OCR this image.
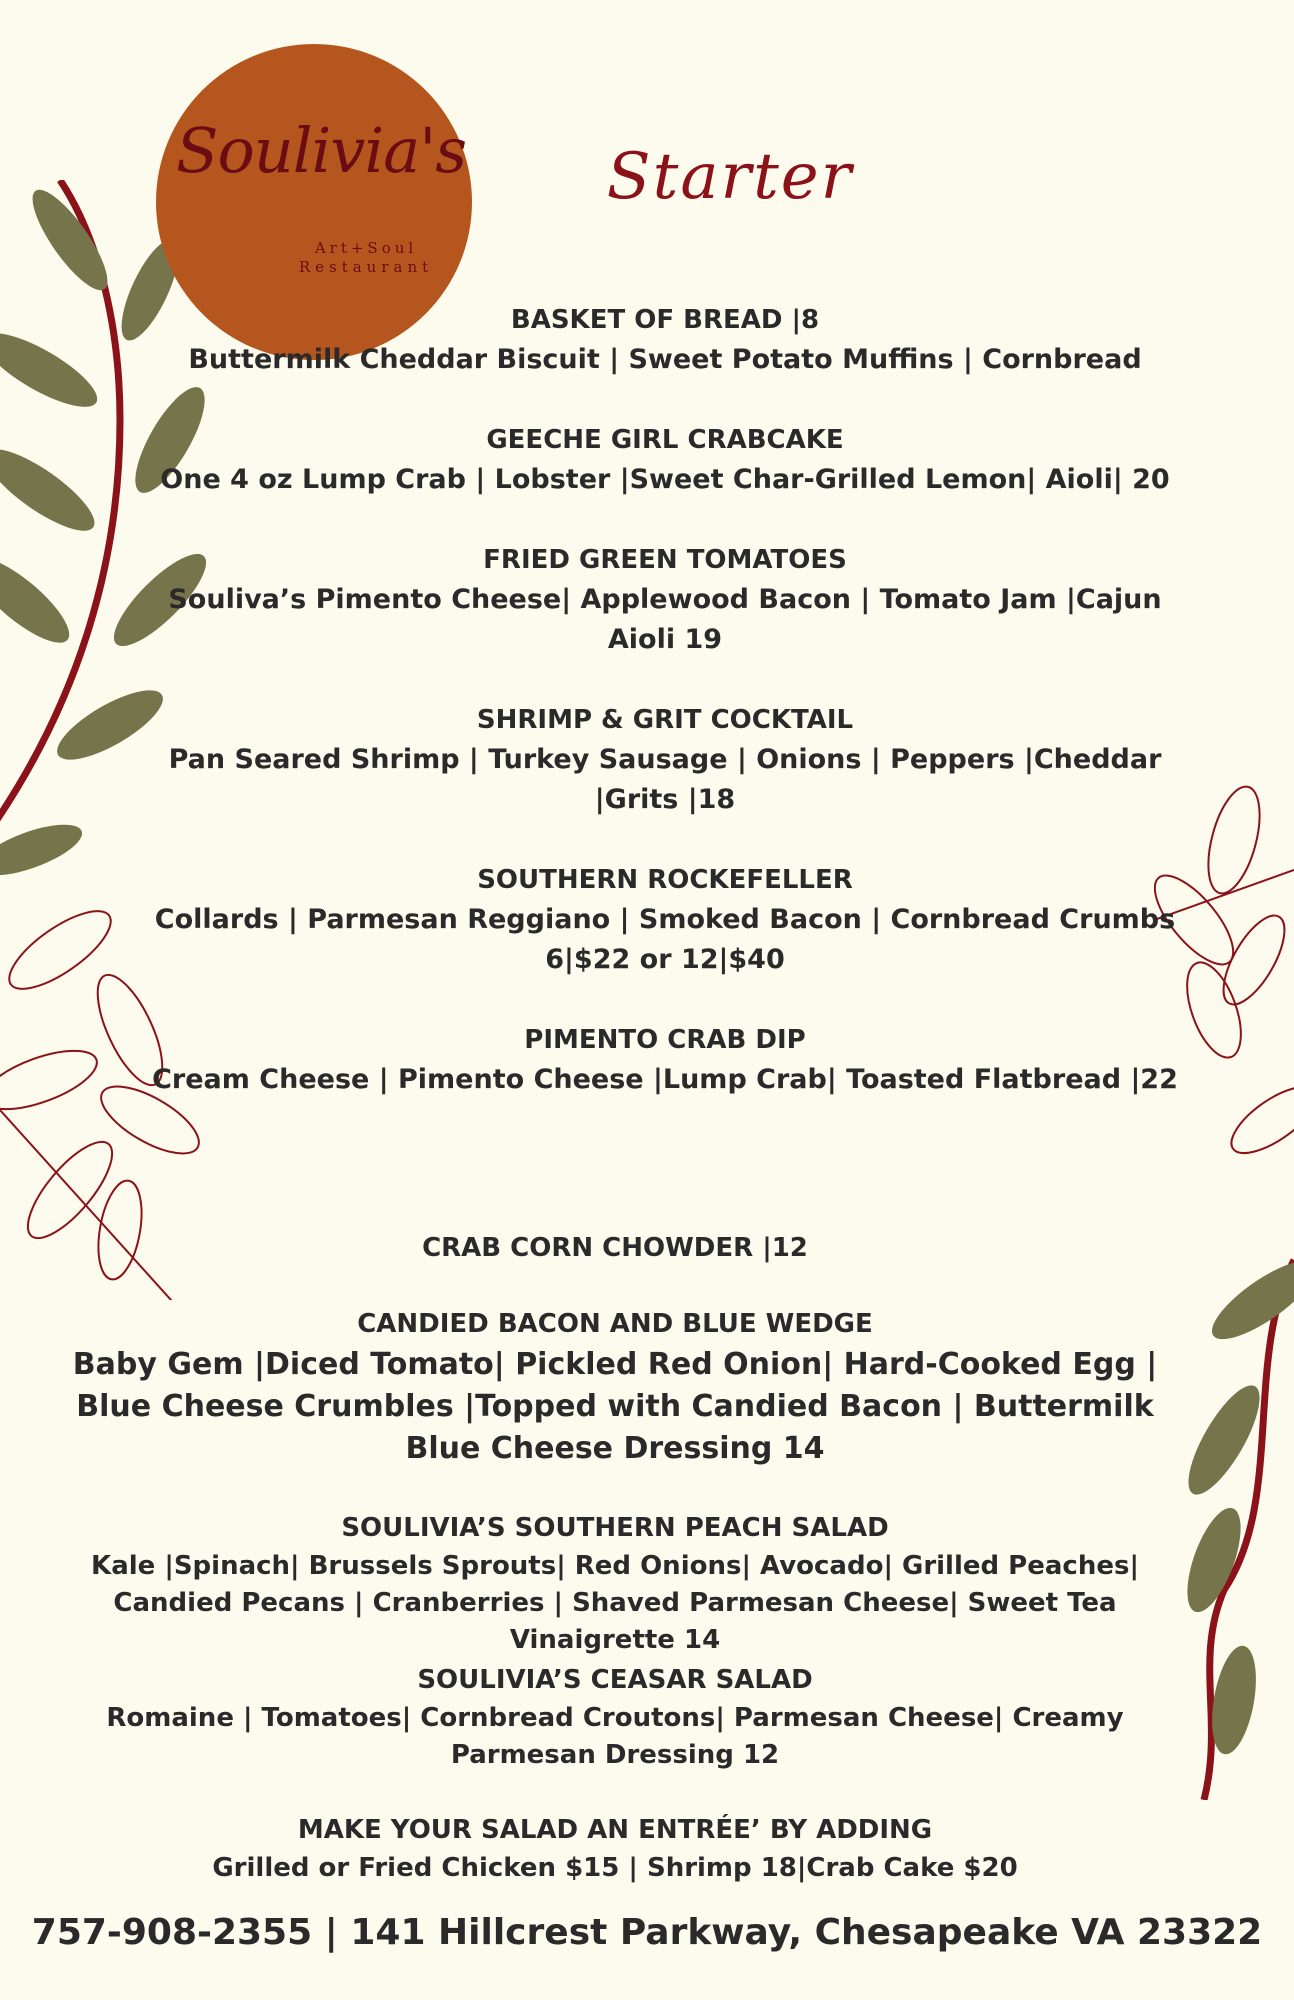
Soulivia's
Art+Soul
Restaurant
Starter
BASKET OF BREAD |8
Buttermilk Cheddar Biscuit | Sweet Potato Muffins | Cornbread
GEECHE GIRL CRABCAKE
One 4 oz Lump Crab | Lobster |Sweet Char-Grilled Lemon| Aioli| 20
FRIED GREEN TOMATOES
Souliva’s Pimento Cheese| Applewood Bacon | Tomato Jam |Cajun Aioli 19
SHRIMP & GRIT COCKTAIL
Pan Seared Shrimp | Turkey Sausage | Onions | Peppers |Cheddar |Grits |18
SOUTHERN ROCKEFELLER
Collards | Parmesan Reggiano | Smoked Bacon | Cornbread Crumbs 6|$22 or 12|$40
PIMENTO CRAB DIP
Cream Cheese | Pimento Cheese |Lump Crab| Toasted Flatbread |22
CRAB CORN CHOWDER |12
CANDIED BACON AND BLUE WEDGE
Baby Gem |Diced Tomato| Pickled Red Onion| Hard-Cooked Egg | Blue Cheese Crumbles |Topped with Candied Bacon | Buttermilk Blue Cheese Dressing 14
SOULIVIA’S SOUTHERN PEACH SALAD
Kale |Spinach| Brussels Sprouts| Red Onions| Avocado| Grilled Peaches| Candied Pecans | Cranberries | Shaved Parmesan Cheese| Sweet Tea Vinaigrette 14
SOULIVIA’S CEASAR SALAD
Romaine | Tomatoes| Cornbread Croutons| Parmesan Cheese| Creamy Parmesan Dressing 12
MAKE YOUR SALAD AN ENTRÉE’ BY ADDING
Grilled or Fried Chicken $15 | Shrimp 18|Crab Cake $20
757-908-2355 | 141 Hillcrest Parkway, Chesapeake VA 23322
